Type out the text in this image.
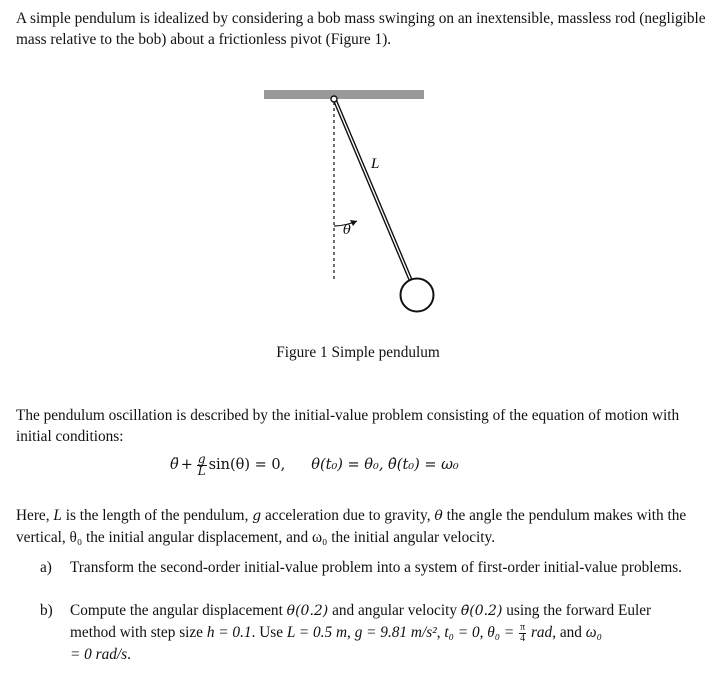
A simple pendulum is idealized by considering a bob mass swinging on an inextensible, massless rod (negligible mass relative to the bob) about a frictionless pivot (Figure 1).

θ
L
Figure 1 Simple pendulum

The pendulum oscillation is described by the initial-value problem consisting of the equation of motion with initial conditions:

θ̈ + $\frac{g}{L} \sin(\theta) = 0$, θ(t₀) = θ₀, θ̇(t₀) = ω₀

Here, L is the length of the pendulum, g acceleration due to gravity, θ the angle the pendulum makes with the vertical, θ₀ the initial angular displacement, and ω₀ the initial angular velocity.

a) Transform the second-order initial-value problem into a system of first-order initial-value problems.

b) Compute the angular displacement θ(0.2) and angular velocity θ̇(0.2) using the forward Euler method with step size h = 0.1. Use L = 0.5 m, g = 9.81 m/s², t₀ = 0, $\theta_0 = \frac{\pi}{4}$ rad, and ω₀
= 0 rad/s.
